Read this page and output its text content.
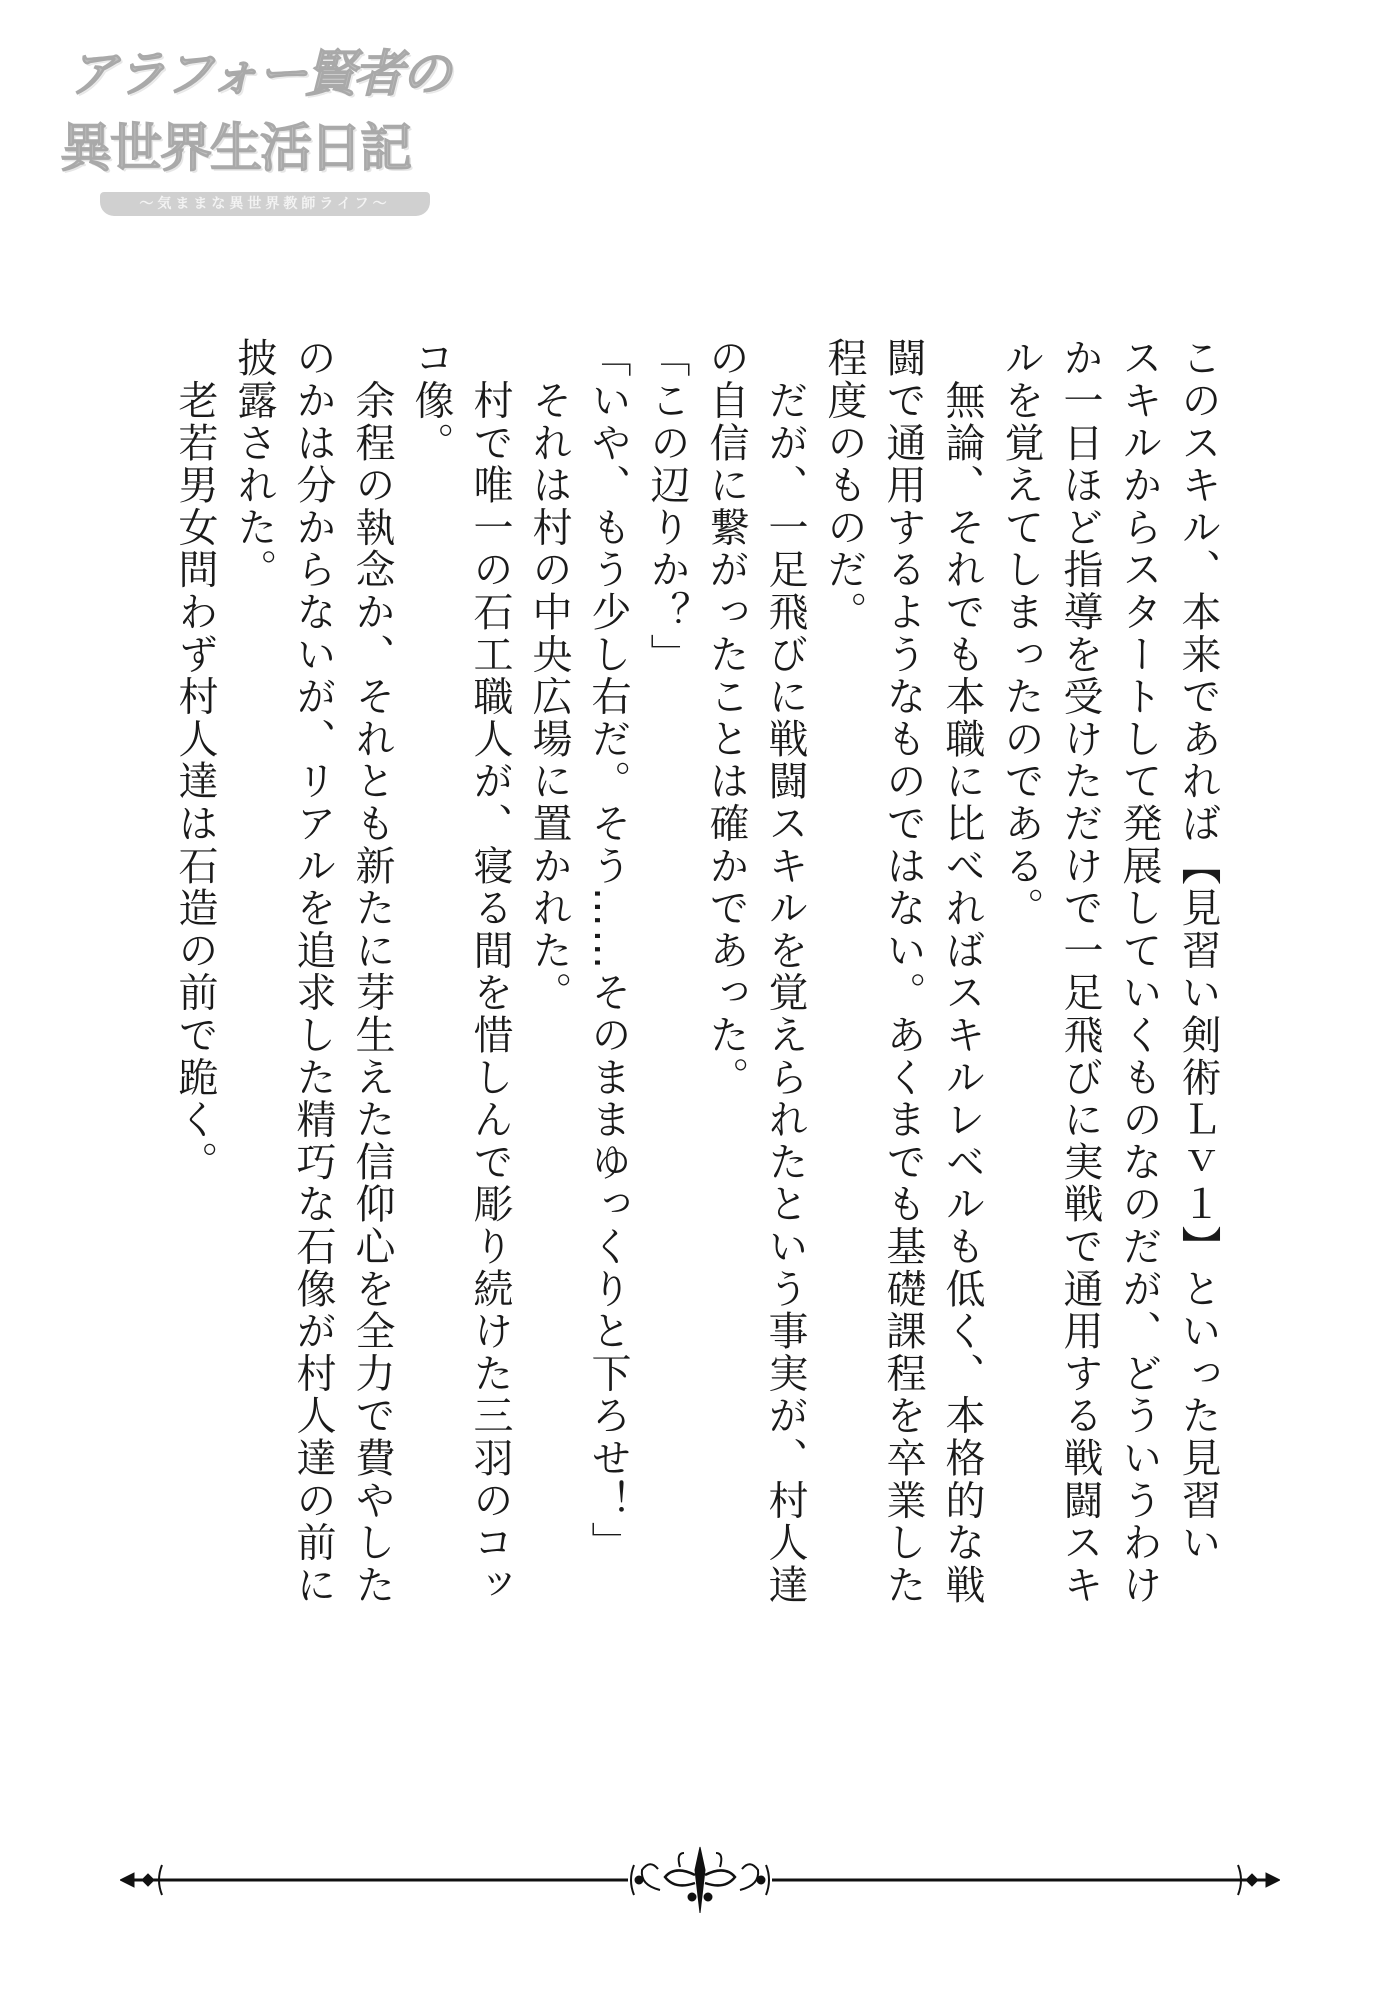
アラフォー賢者の
異世界生活日記
～気ままな異世界教師ライフ～
このスキル、本来であれば【見習い剣術Ｌｖ１】といった見習い
スキルからスタートして発展していくものなのだが、どういうわけ
か一日ほど指導を受けただけで一足飛びに実戦で通用する戦闘スキ
ルを覚えてしまったのである。
　無論、それでも本職に比べればスキルレベルも低く、本格的な戦
闘で通用するようなものではない。あくまでも基礎課程を卒業した
程度のものだ。
　だが、一足飛びに戦闘スキルを覚えられたという事実が、村人達
の自信に繋がったことは確かであった。
「この辺りか？」
「いや、もう少し右だ。そう……そのままゆっくりと下ろせ！」
　それは村の中央広場に置かれた。
　村で唯一の石工職人が、寝る間を惜しんで彫り続けた三羽のコッ
コ像。
　余程の執念か、それとも新たに芽生えた信仰心を全力で費やした
のかは分からないが、リアルを追求した精巧な石像が村人達の前に
披露された。
　老若男女問わず村人達は石造の前で跪く。
